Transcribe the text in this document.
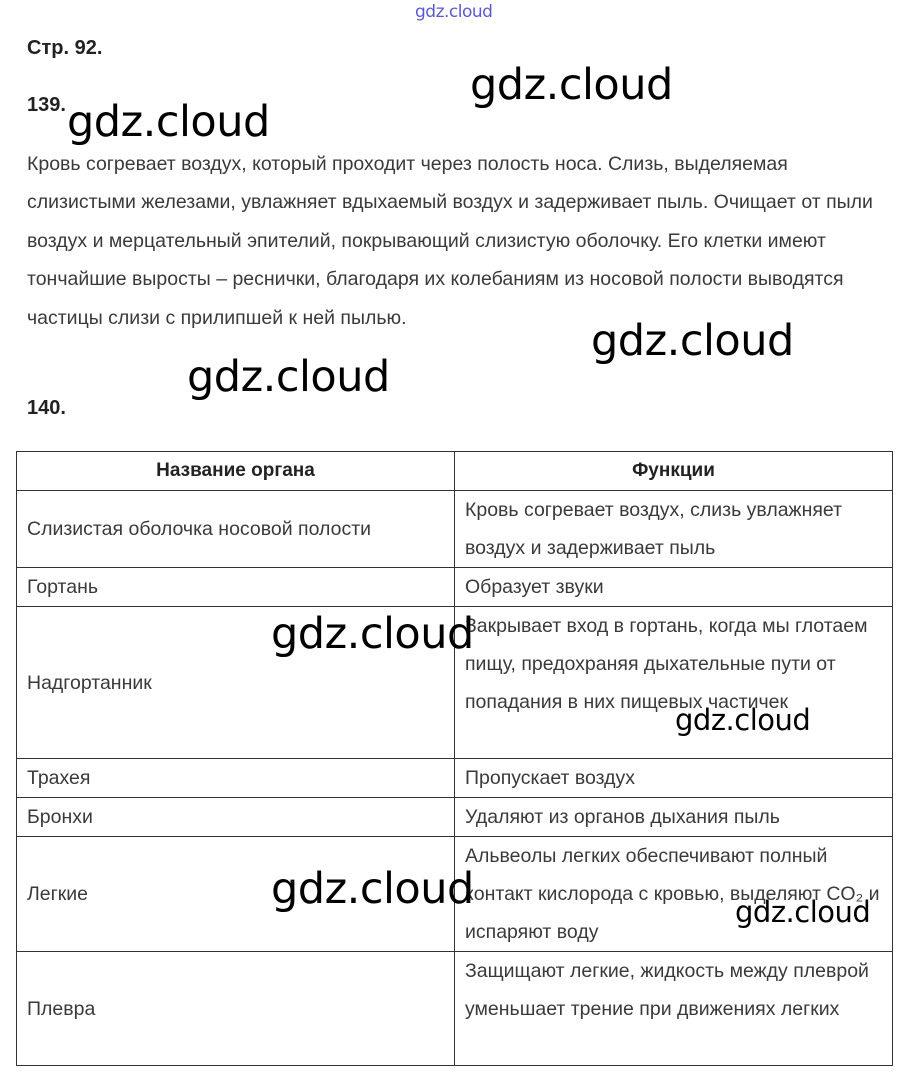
gdz.cloud
Стр. 92.
139.
Кровь согревает воздух, который проходит через полость носа. Слизь, выделяемая слизистыми железами, увлажняет вдыхаемый воздух и задерживает пыль. Очищает от пыли воздух и мерцательный эпителий, покрывающий слизистую оболочку. Его клетки имеют тончайшие выросты – реснички, благодаря их колебаниям из носовой полости выводятся частицы слизи с прилипшей к ней пылью.
140.
Название органа	Функции
Слизистая оболочка носовой полости	Кровь согревает воздух, слизь увлажняет воздух и задерживает пыль
Гортань	Образует звуки
Надгортанник	Закрывает вход в гортань, когда мы глотаем пищу, предохраняя дыхательные пути от попадания в них пищевых частичек
Трахея	Пропускает воздух
Бронхи	Удаляют из органов дыхания пыль
Легкие	Альвеолы легких обеспечивают полный контакт кислорода с кровью, выделяют CO₂ и испаряют воду
Плевра	Защищают легкие, жидкость между плеврой уменьшает трение при движениях легких
gdz.cloud
gdz.cloud
gdz.cloud
gdz.cloud
gdz.cloud
gdz.cloud
gdz.cloud	gdz.cloud
